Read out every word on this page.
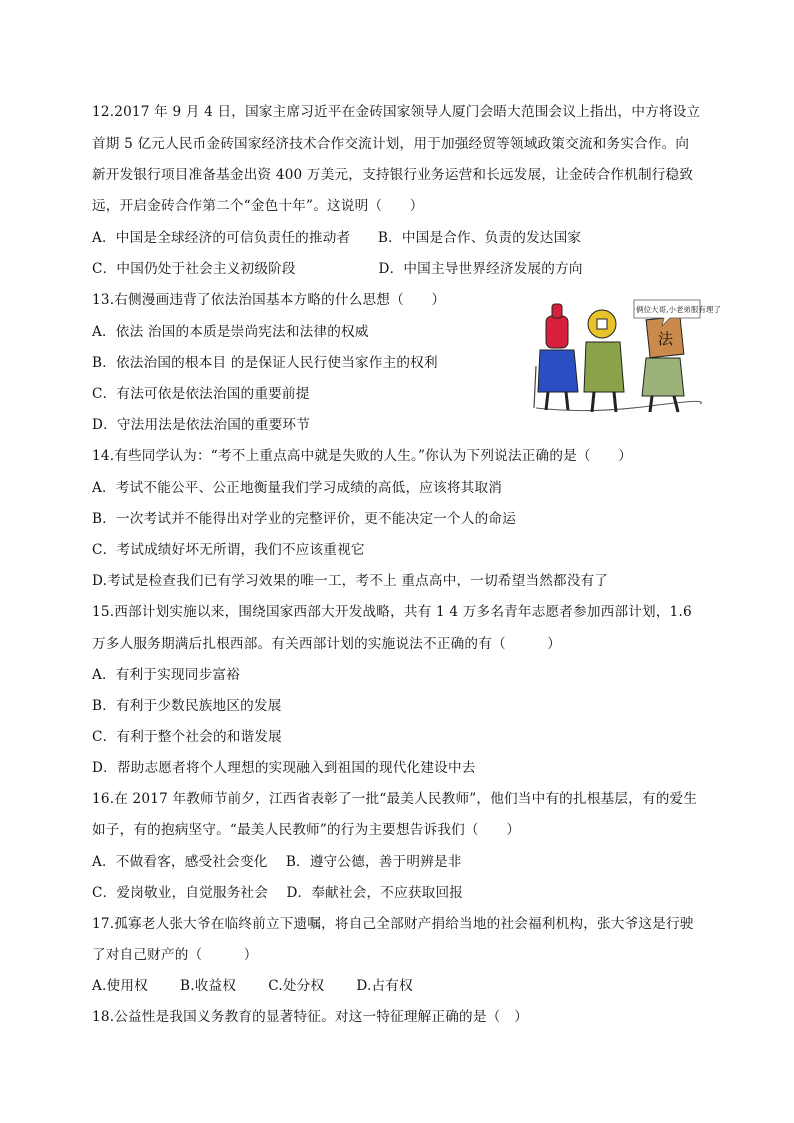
12.2017 年 9 月 4 日，国家主席习近平在金砖国家领导人厦门会晤大范围会议上指出，中方将设立
首期 5 亿元人民币金砖国家经济技术合作交流计划，用于加强经贸等领域政策交流和务实合作。向
新开发银行项目准备基金出资 400 万美元，支持银行业务运营和长远发展，让金砖合作机制行稳致
远，开启金砖合作第二个“金色十年”。这说明（　　）
A．中国是全球经济的可信负责任的推动者　　B．中国是合作、负责的发达国家
C．中国仍处于社会主义初级阶段　　　　　　D．中国主导世界经济发展的方向
13.右侧漫画违背了依法治国基本方略的什么思想（　　）
A．依法 治国的本质是崇尚宪法和法律的权威
B．依法治国的根本目 的是保证人民行使当家作主的权利
C．有法可依是依法治国的重要前提
D．守法用法是依法治国的重要环节
法
俩位大哥,小老弟服有理了
14.有些同学认为：“考不上重点高中就是失败的人生。”你认为下列说法正确的是（　　）
A．考试不能公平、公正地衡量我们学习成绩的高低，应该将其取消
B．一次考试并不能得出对学业的完整评价，更不能决定一个人的命运
C．考试成绩好坏无所谓，我们不应该重视它
D.考试是检查我们已有学习效果的唯一工，考不上 重点高中，一切希望当然都没有了
15.西部计划实施以来，围绕国家西部大开发战略，共有 1 4 万多名青年志愿者参加西部计划，1.6
万多人服务期满后扎根西部。有关西部计划的实施说法不正确的有（　　　）
A．有利于实现同步富裕
B．有利于少数民族地区的发展
C．有利于整个社会的和谐发展
D．帮助志愿者将个人理想的实现融入到祖国的现代化建设中去
16.在 2017 年教师节前夕，江西省表彰了一批“最美人民教师”，他们当中有的扎根基层，有的爱生
如子，有的抱病坚守。“最美人民教师”的行为主要想告诉我们（　　）
A．不做看客，感受社会变化　 B．遵守公德，善于明辨是非
C．爱岗敬业，自觉服务社会　 D．奉献社会，不应获取回报
17.孤寡老人张大爷在临终前立下遗嘱，将自己全部财产捐给当地的社会福利机构，张大爷这是行驶
了对自己财产的（　　　）
A.使用权　　 B.收益权　　 C.处分权　　 D.占有权
18.公益性是我国义务教育的显著特征。对这一特征理解正确的是（　）
